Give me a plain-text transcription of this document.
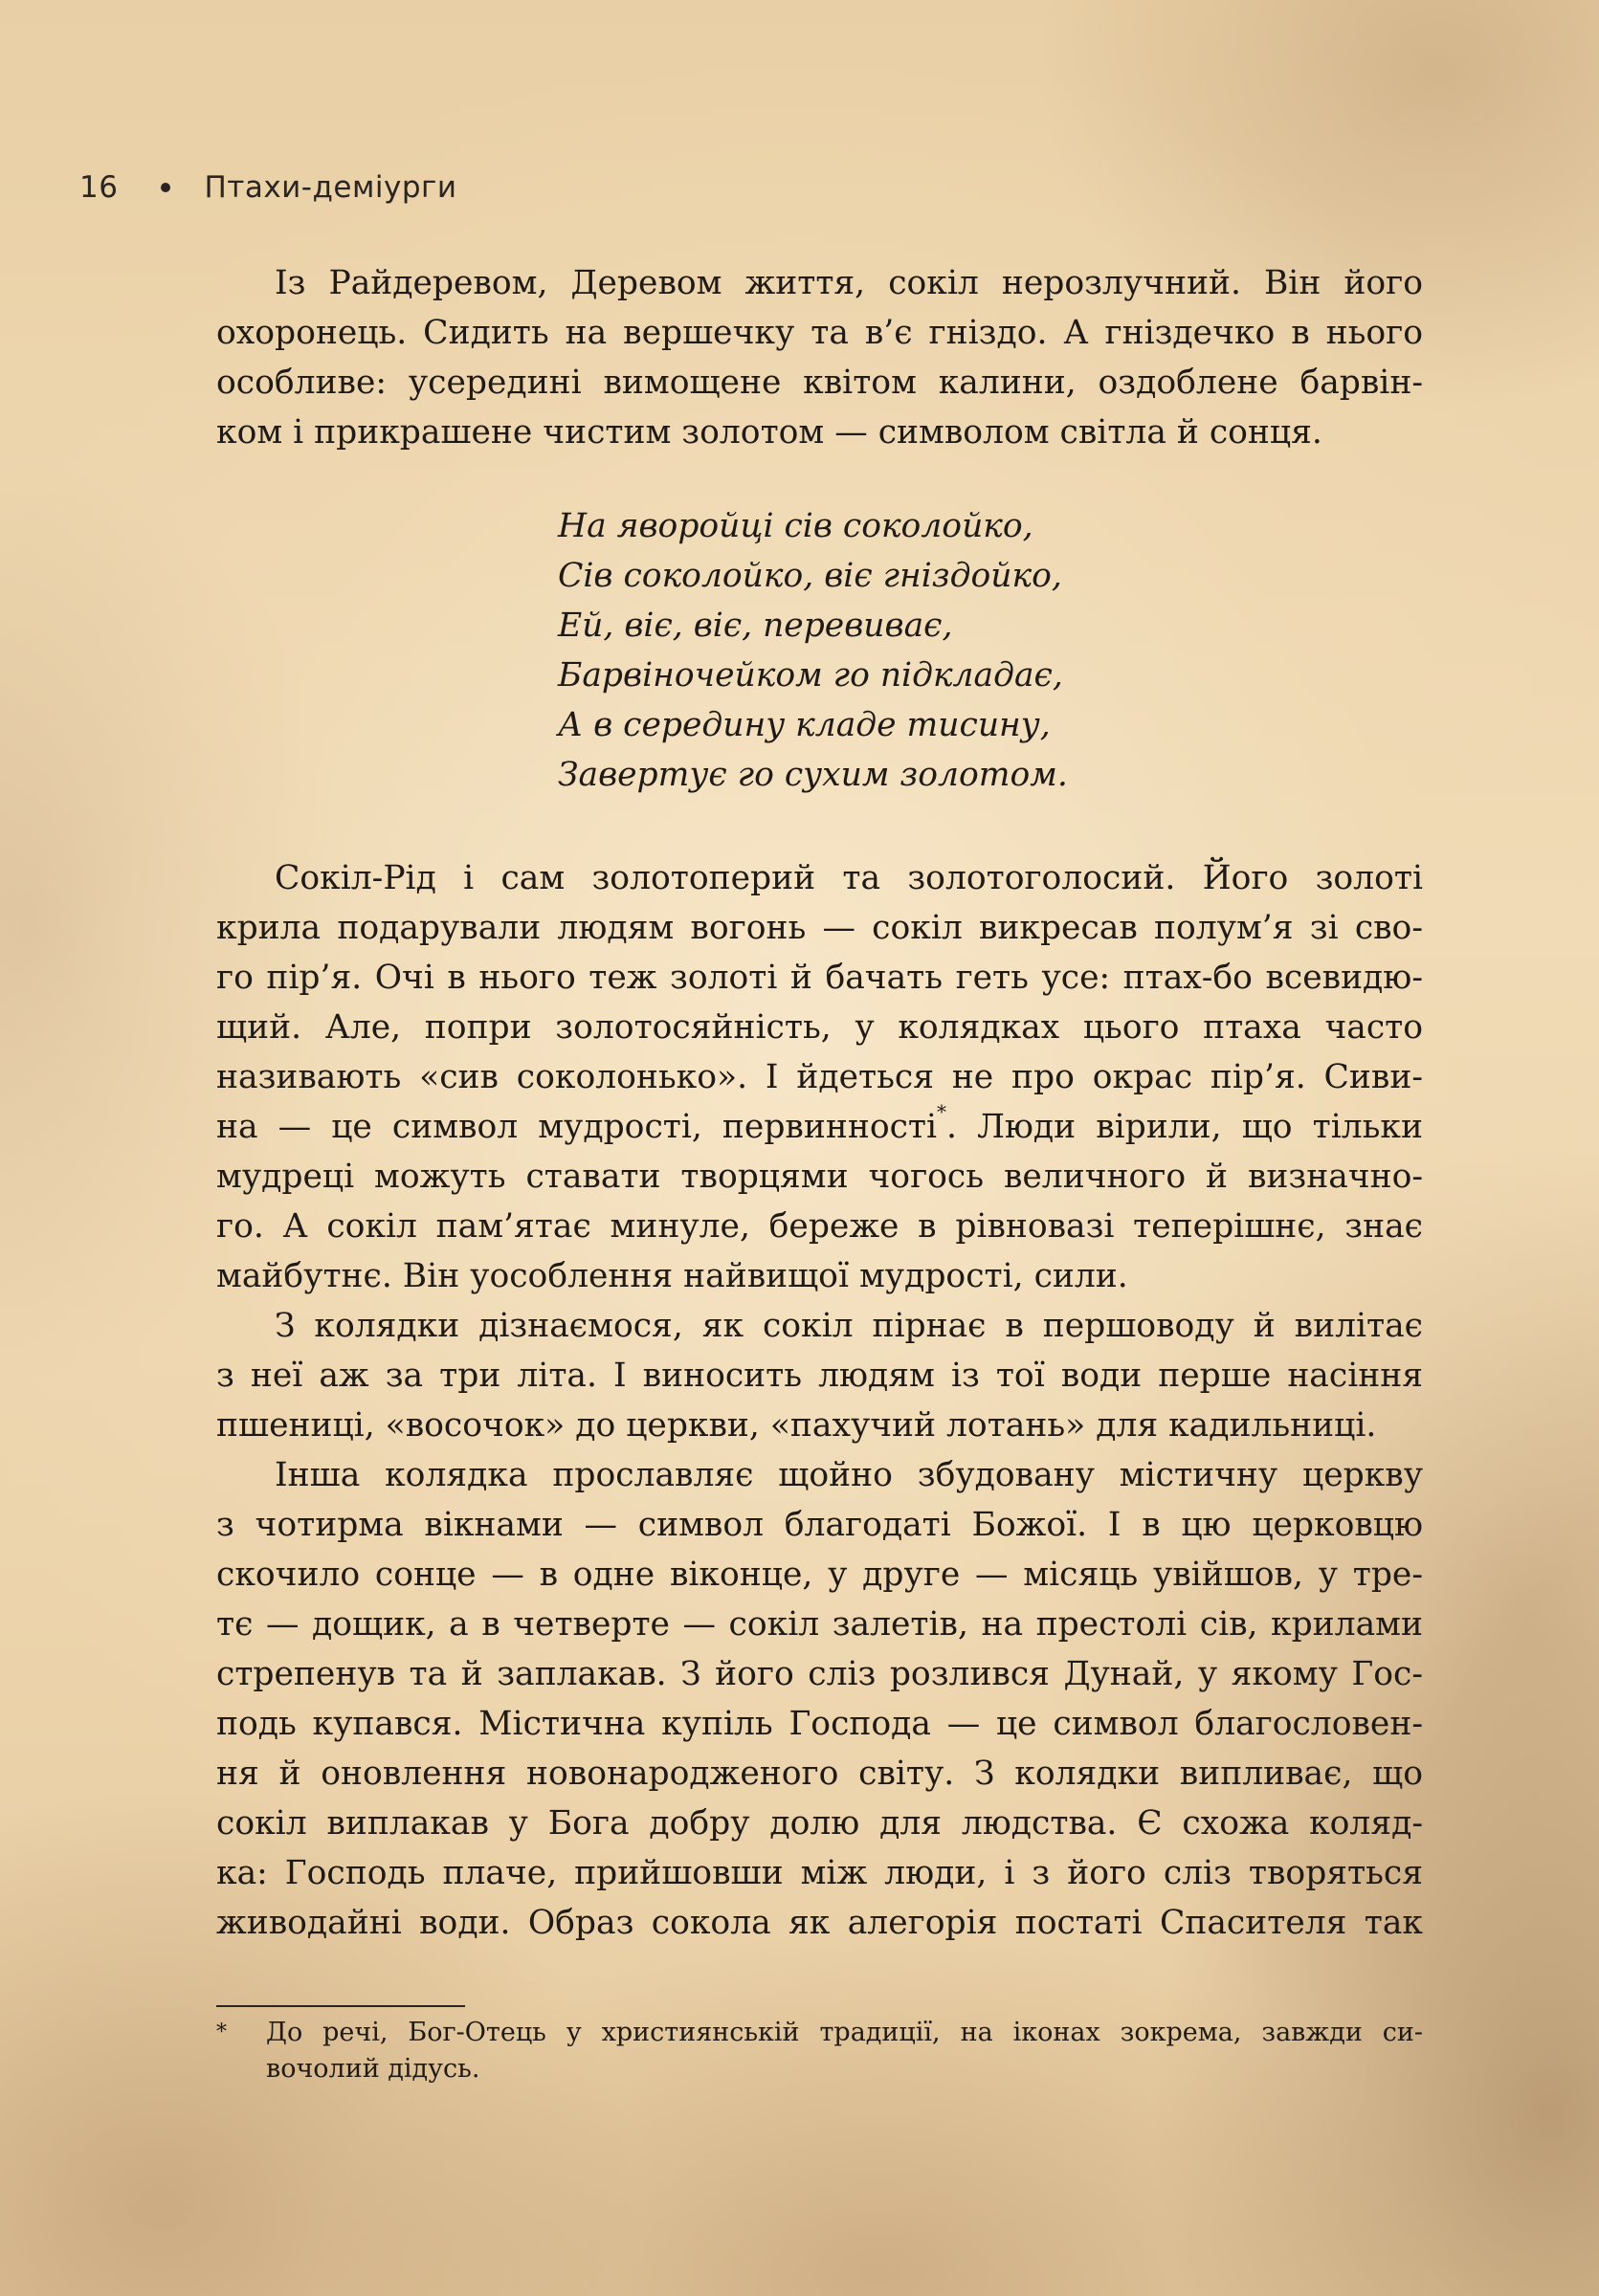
16	Птахи-деміурги
Із Райдеревом, Деревом життя, сокіл нерозлучний. Він його
охоронець. Сидить на вершечку та в’є гніздо. А гніздечко в нього
особливе: усередині вимощене квітом калини, оздоблене барвін-
ком і прикрашене чистим золотом — символом світла й сонця.
На яворойці сів соколойко,
Сів соколойко, віє гніздойко,
Ей, віє, віє, перевиває,
Барвіночейком го підкладає,
А в середину кладе тисину,
Завертує го сухим золотом.
Сокіл-Рід і сам золотоперий та золотоголосий. Його золоті
крила подарували людям вогонь — сокіл викресав полум’я зі сво-
го пір’я. Очі в нього теж золоті й бачать геть усе: птах-бо всевидю-
щий. Але, попри золотосяйність, у колядках цього птаха часто
називають «сив соколонько». І йдеться не про окрас пір’я. Сиви-
на — це символ мудрості, первинності*. Люди вірили, що тільки
мудреці можуть ставати творцями чогось величного й визначно-
го. А сокіл пам’ятає минуле, береже в рівновазі теперішнє, знає
майбутнє. Він уособлення найвищої мудрості, сили.
З колядки дізнаємося, як сокіл пірнає в першоводу й вилітає
з неї аж за три літа. І виносить людям із тої води перше насіння
пшениці, «восочок» до церкви, «пахучий лотань» для кадильниці.
Інша колядка прославляє щойно збудовану містичну церкву
з чотирма вікнами — символ благодаті Божої. І в цю церковцю
скочило сонце — в одне віконце, у друге — місяць увійшов, у тре-
тє — дощик, а в четверте — сокіл залетів, на престолі сів, крилами
стрепенув та й заплакав. З його сліз розлився Дунай, у якому Гос-
подь купався. Містична купіль Господа — це символ благословен-
ня й оновлення новонародженого світу. З колядки випливає, що
сокіл виплакав у Бога добру долю для людства. Є схожа коляд-
ка: Господь плаче, прийшовши між люди, і з його сліз творяться
живодайні води. Образ сокола як алегорія постаті Спасителя так
* До речі, Бог-Отець у християнській традиції, на іконах зокрема, завжди си-
вочолий дідусь.
